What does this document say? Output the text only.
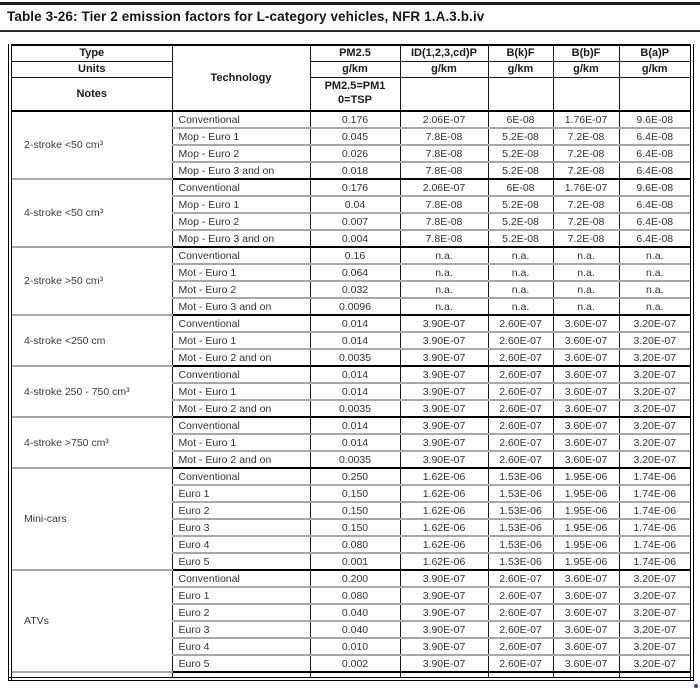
Table 3-26: Tier 2 emission factors for L-category vehicles, NFR 1.A.3.b.iv
Type	Technology	PM2.5	ID(1,2,3,cd)P	B(k)F	B(b)F	B(a)P
Units		g/km	g/km	g/km	g/km	g/km
Notes		PM2.5=PM1
0=TSP				

2-stroke <50 cm³	Conventional	0.176	2.06E-07	6E-08	1.76E-07	9.6E-08
	Mop - Euro 1	0.045	7.8E-08	5.2E-08	7.2E-08	6.4E-08
	Mop - Euro 2	0.026	7.8E-08	5.2E-08	7.2E-08	6.4E-08
	Mop - Euro 3 and on	0.018	7.8E-08	5.2E-08	7.2E-08	6.4E-08
4-stroke <50 cm³	Conventional	0.176	2.06E-07	6E-08	1.76E-07	9.6E-08
	Mop - Euro 1	0.04	7.8E-08	5.2E-08	7.2E-08	6.4E-08
	Mop - Euro 2	0.007	7.8E-08	5.2E-08	7.2E-08	6.4E-08
	Mop - Euro 3 and on	0.004	7.8E-08	5.2E-08	7.2E-08	6.4E-08
2-stroke >50 cm³	Conventional	0.16	n.a.	n.a.	n.a.	n.a.
	Mot - Euro 1	0.064	n.a.	n.a.	n.a.	n.a.
	Mot - Euro 2	0.032	n.a.	n.a.	n.a.	n.a.
	Mot - Euro 3 and on	0.0096	n.a.	n.a.	n.a.	n.a.
4-stroke <250 cm	Conventional	0.014	3.90E-07	2.60E-07	3.60E-07	3.20E-07
	Mot - Euro 1	0.014	3.90E-07	2.60E-07	3.60E-07	3.20E-07
	Mot - Euro 2 and on	0.0035	3.90E-07	2.60E-07	3.60E-07	3.20E-07
4-stroke 250 - 750 cm³	Conventional	0.014	3.90E-07	2.60E-07	3.60E-07	3.20E-07
	Mot - Euro 1	0.014	3.90E-07	2.60E-07	3.60E-07	3.20E-07
	Mot - Euro 2 and on	0.0035	3.90E-07	2.60E-07	3.60E-07	3.20E-07
4-stroke >750 cm³	Conventional	0.014	3.90E-07	2.60E-07	3.60E-07	3.20E-07
	Mot - Euro 1	0.014	3.90E-07	2.60E-07	3.60E-07	3.20E-07
	Mot - Euro 2 and on	0.0035	3.90E-07	2.60E-07	3.60E-07	3.20E-07
Mini-cars	Conventional	0.250	1.62E-06	1.53E-06	1.95E-06	1.74E-06
	Euro 1	0.150	1.62E-06	1.53E-06	1.95E-06	1.74E-06
	Euro 2	0.150	1.62E-06	1.53E-06	1.95E-06	1.74E-06
	Euro 3	0.150	1.62E-06	1.53E-06	1.95E-06	1.74E-06
	Euro 4	0.080	1.62E-06	1.53E-06	1.95E-06	1.74E-06
	Euro 5	0.001	1.62E-06	1.53E-06	1.95E-06	1.74E-06
ATVs	Conventional	0.200	3.90E-07	2.60E-07	3.60E-07	3.20E-07
	Euro 1	0.080	3.90E-07	2.60E-07	3.60E-07	3.20E-07
	Euro 2	0.040	3.90E-07	2.60E-07	3.60E-07	3.20E-07
	Euro 3	0.040	3.90E-07	2.60E-07	3.60E-07	3.20E-07
	Euro 4	0.010	3.90E-07	2.60E-07	3.60E-07	3.20E-07
	Euro 5	0.002	3.90E-07	2.60E-07	3.60E-07	3.20E-07
